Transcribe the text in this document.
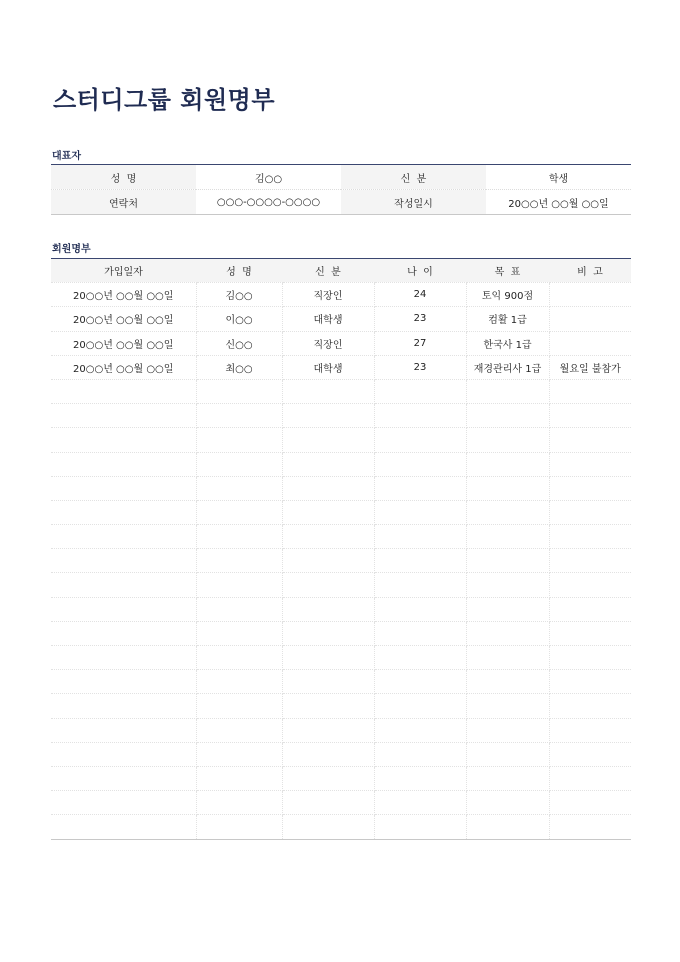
스터디그룹 회원명부
대표자
성  명	김○○	신  분	학생
연락처	○○○-○○○○-○○○○	작성일시	20○○년 ○○월 ○○일
회원명부
가입일자	성  명	신  분	나  이	목  표	비  고
20○○년 ○○월 ○○일	김○○	직장인	24	토익 900점	
20○○년 ○○월 ○○일	이○○	대학생	23	컴활 1급	
20○○년 ○○월 ○○일	신○○	직장인	27	한국사 1급	
20○○년 ○○월 ○○일	최○○	대학생	23	재경관리사 1급	월요일 불참가
